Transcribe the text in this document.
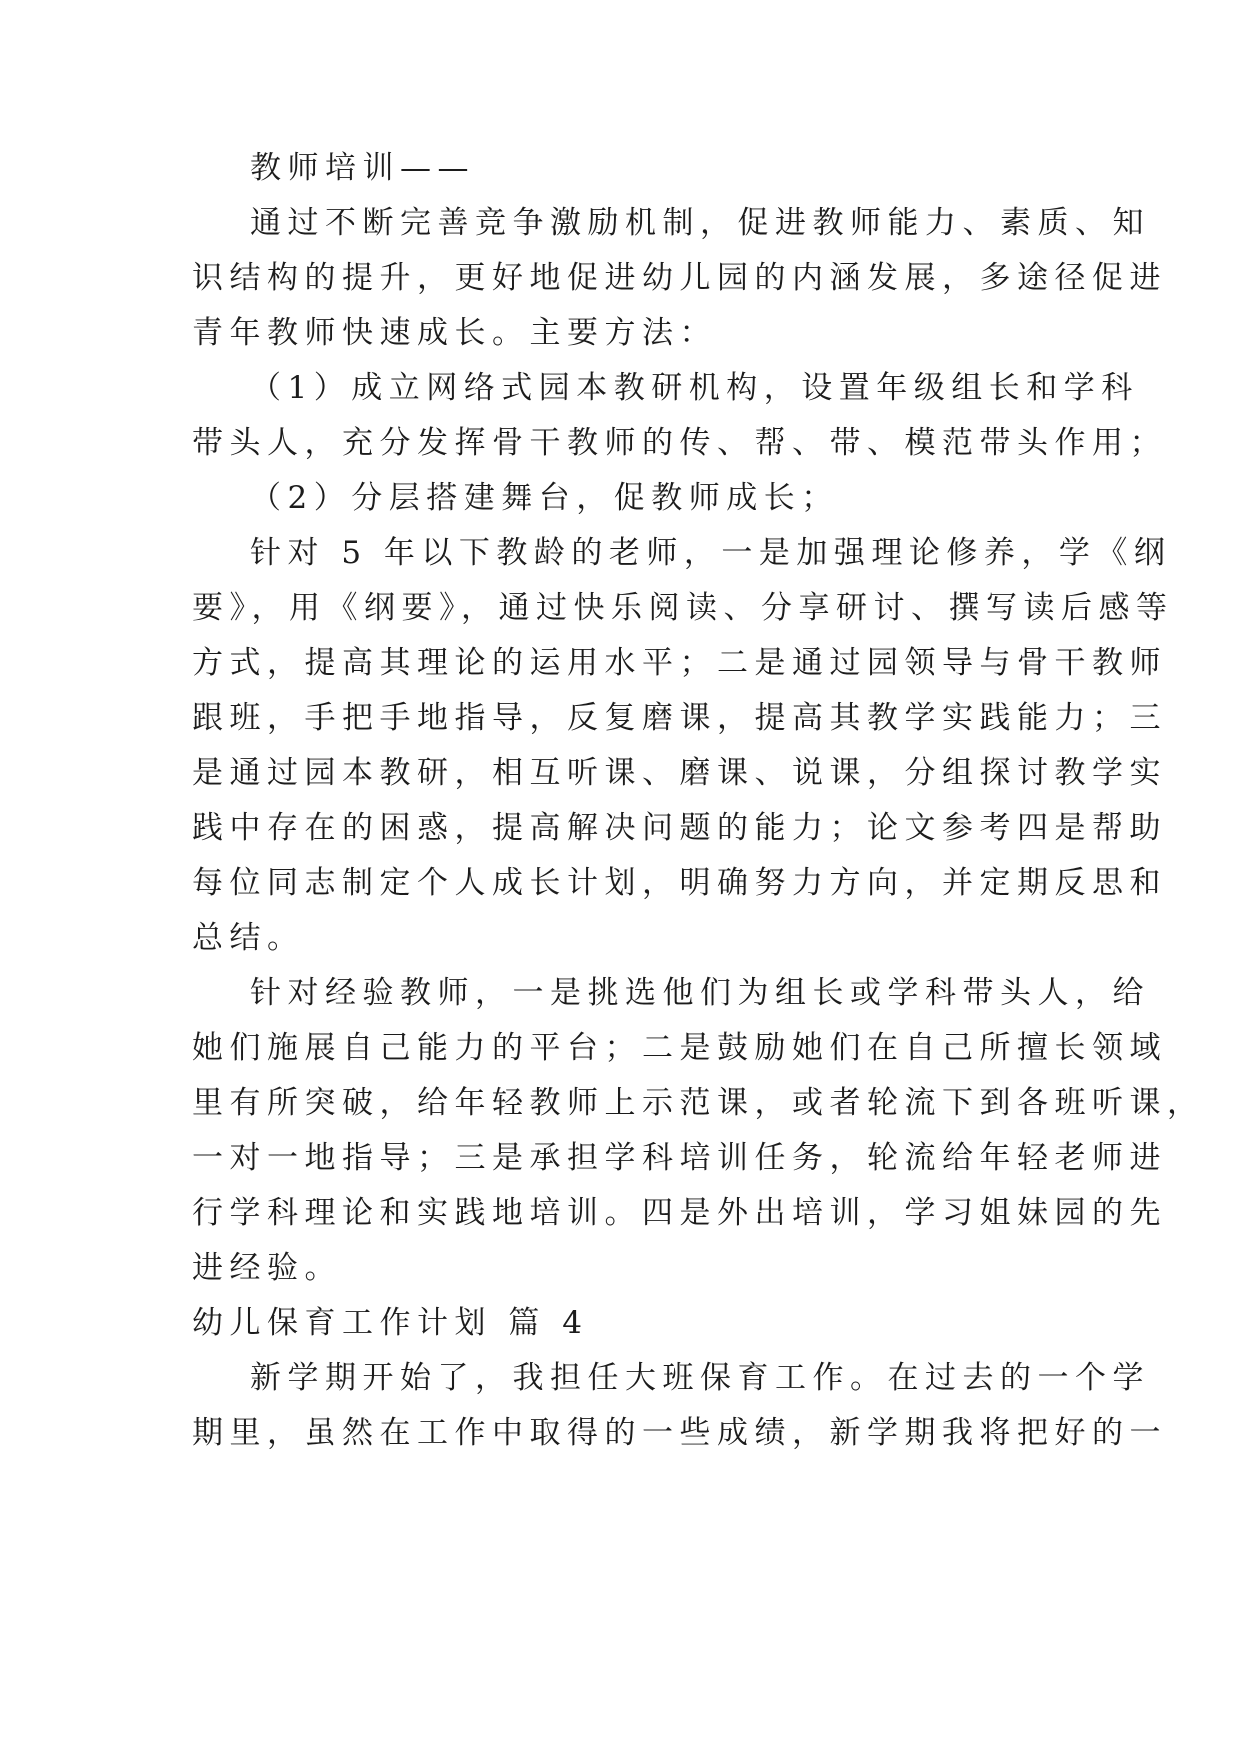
教师培训——
通过不断完善竞争激励机制，促进教师能力、素质、知
识结构的提升，更好地促进幼儿园的内涵发展，多途径促进
青年教师快速成长。主要方法：
（1）成立网络式园本教研机构，设置年级组长和学科
带头人，充分发挥骨干教师的传、帮、带、模范带头作用；
（2）分层搭建舞台，促教师成长；
针对 5 年以下教龄的老师，一是加强理论修养，学《纲
要》，用《纲要》，通过快乐阅读、分享研讨、撰写读后感等
方式，提高其理论的运用水平；二是通过园领导与骨干教师
跟班，手把手地指导，反复磨课，提高其教学实践能力；三
是通过园本教研，相互听课、磨课、说课，分组探讨教学实
践中存在的困惑，提高解决问题的能力；论文参考四是帮助
每位同志制定个人成长计划，明确努力方向，并定期反思和
总结。
针对经验教师，一是挑选他们为组长或学科带头人，给
她们施展自己能力的平台；二是鼓励她们在自己所擅长领域
里有所突破，给年轻教师上示范课，或者轮流下到各班听课，
一对一地指导；三是承担学科培训任务，轮流给年轻老师进
行学科理论和实践地培训。四是外出培训，学习姐妹园的先
进经验。
幼儿保育工作计划 篇 4
新学期开始了，我担任大班保育工作。在过去的一个学
期里，虽然在工作中取得的一些成绩，新学期我将把好的一
